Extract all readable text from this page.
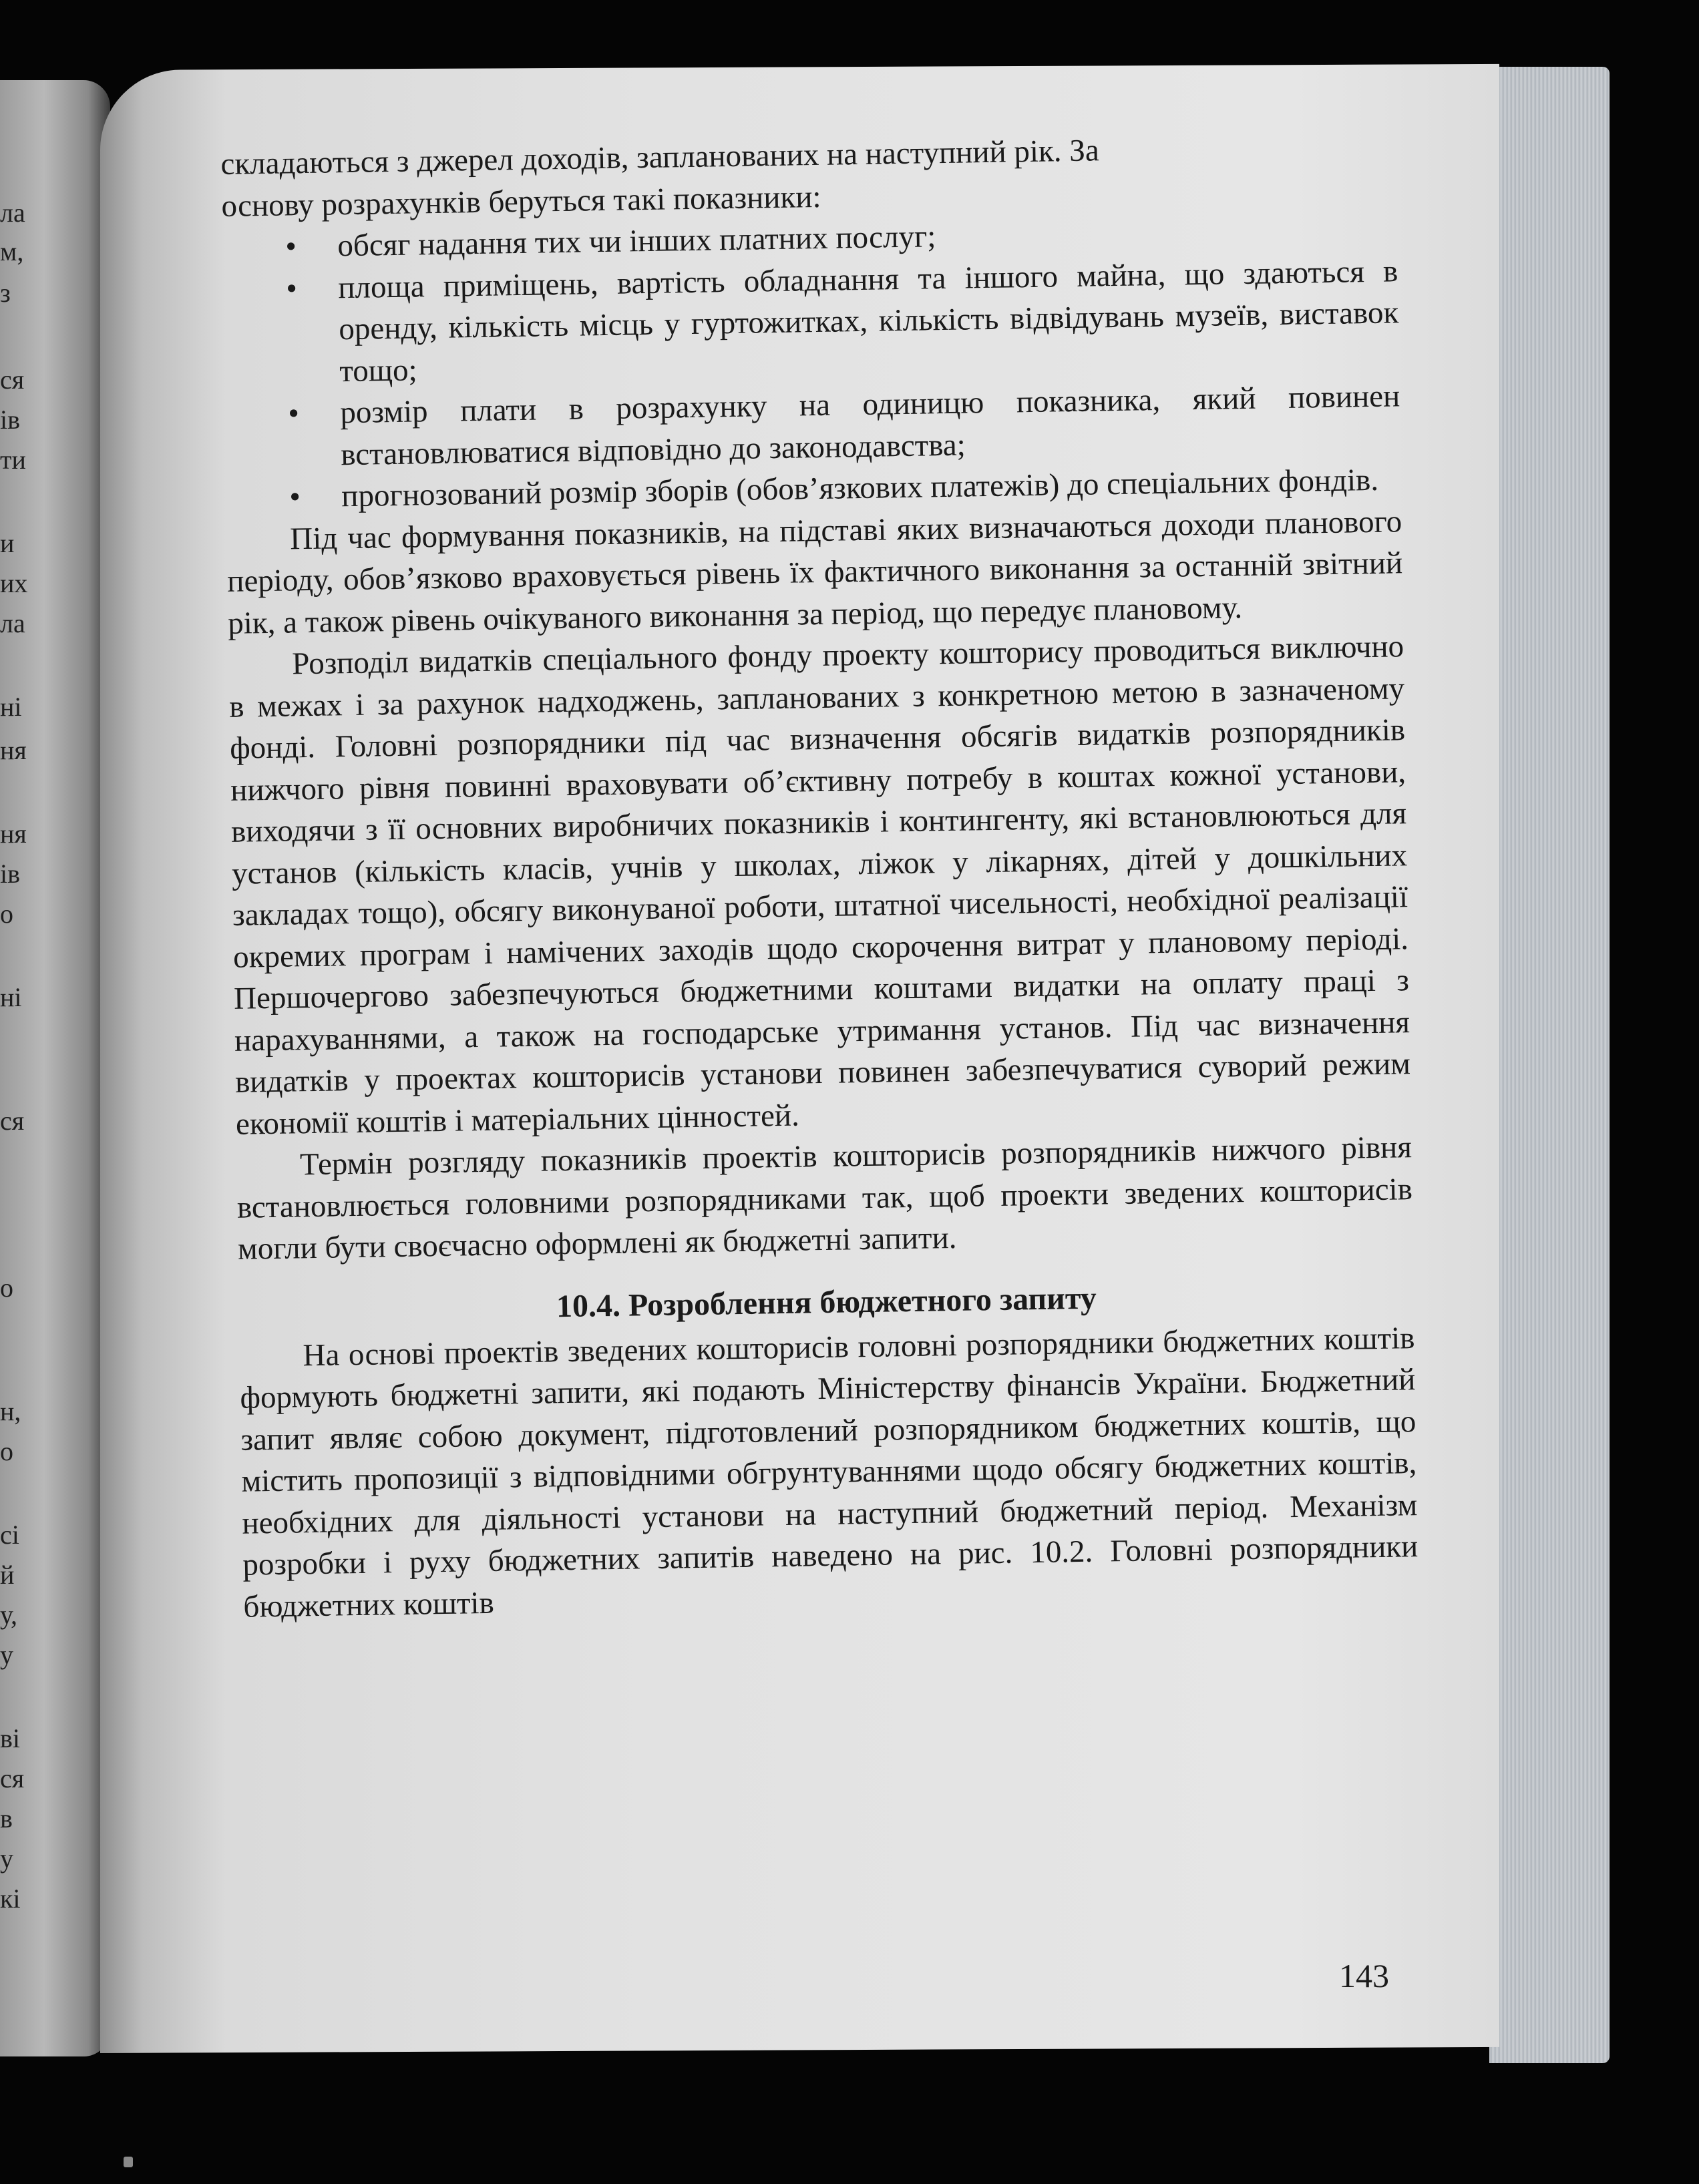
ла
м,
з
ся
ів
ти
и
их
ла
ні
ня
ня
ів
о
ні
ся
о
н,
о
сі
й
у,
у
ві
ся
в
у
кі

складаються з джерел доходів, запланованих на наступний рік. За

основу розрахунків беруться такі показники:

• обсяг надання тих чи інших платних послуг;
• площа приміщень, вартість обладнання та іншого майна, що здаються в оренду, кількість місць у гуртожитках, кількість відвідувань музеїв, виставок тощо;
• розмір плати в розрахунку на одиницю показника, який повинен встановлюватися відповідно до законодавства;
• прогнозований розмір зборів (обов’язкових платежів) до спеціальних фондів.

Під час формування показників, на підставі яких визначаються доходи планового періоду, обов’язково враховується рівень їх фактичного виконання за останній звітний рік, а також рівень очікуваного виконання за період, що передує плановому.

Розподіл видатків спеціального фонду проекту кошторису проводиться виключно в межах і за рахунок надходжень, запланованих з конкретною метою в зазначеному фонді. Головні розпорядники під час визначення обсягів видатків розпорядників нижчого рівня повинні враховувати об’єктивну потребу в коштах кожної установи, виходячи з її основних виробничих показників і контингенту, які встановлюються для установ (кількість класів, учнів у школах, ліжок у лікарнях, дітей у дошкільних закладах тощо), обсягу виконуваної роботи, штатної чисельності, необхідної реалізації окремих програм і намічених заходів щодо скорочення витрат у плановому періоді. Першочергово забезпечуються бюджетними коштами видатки на оплату праці з нарахуваннями, а також на господарське утримання установ. Під час визначення видатків у проектах кошторисів установи повинен забезпечуватися суворий режим економії коштів і матеріальних цінностей.

Термін розгляду показників проектів кошторисів розпорядників нижчого рівня встановлюється головними розпорядниками так, щоб проекти зведених кошторисів могли бути своєчасно оформлені як бюджетні запити.

10.4. Розроблення бюджетного запиту

На основі проектів зведених кошторисів головні розпорядники бюджетних коштів формують бюджетні запити, які подають Міністерству фінансів України. Бюджетний запит являє собою документ, підготовлений розпорядником бюджетних коштів, що містить пропозиції з відповідними обгрунтуваннями щодо обсягу бюджетних коштів, необхідних для діяльності установи на наступний бюджетний період. Механізм розробки і руху бюджетних запитів наведено на рис. 10.2. Головні розпорядники бюджетних коштів

143
